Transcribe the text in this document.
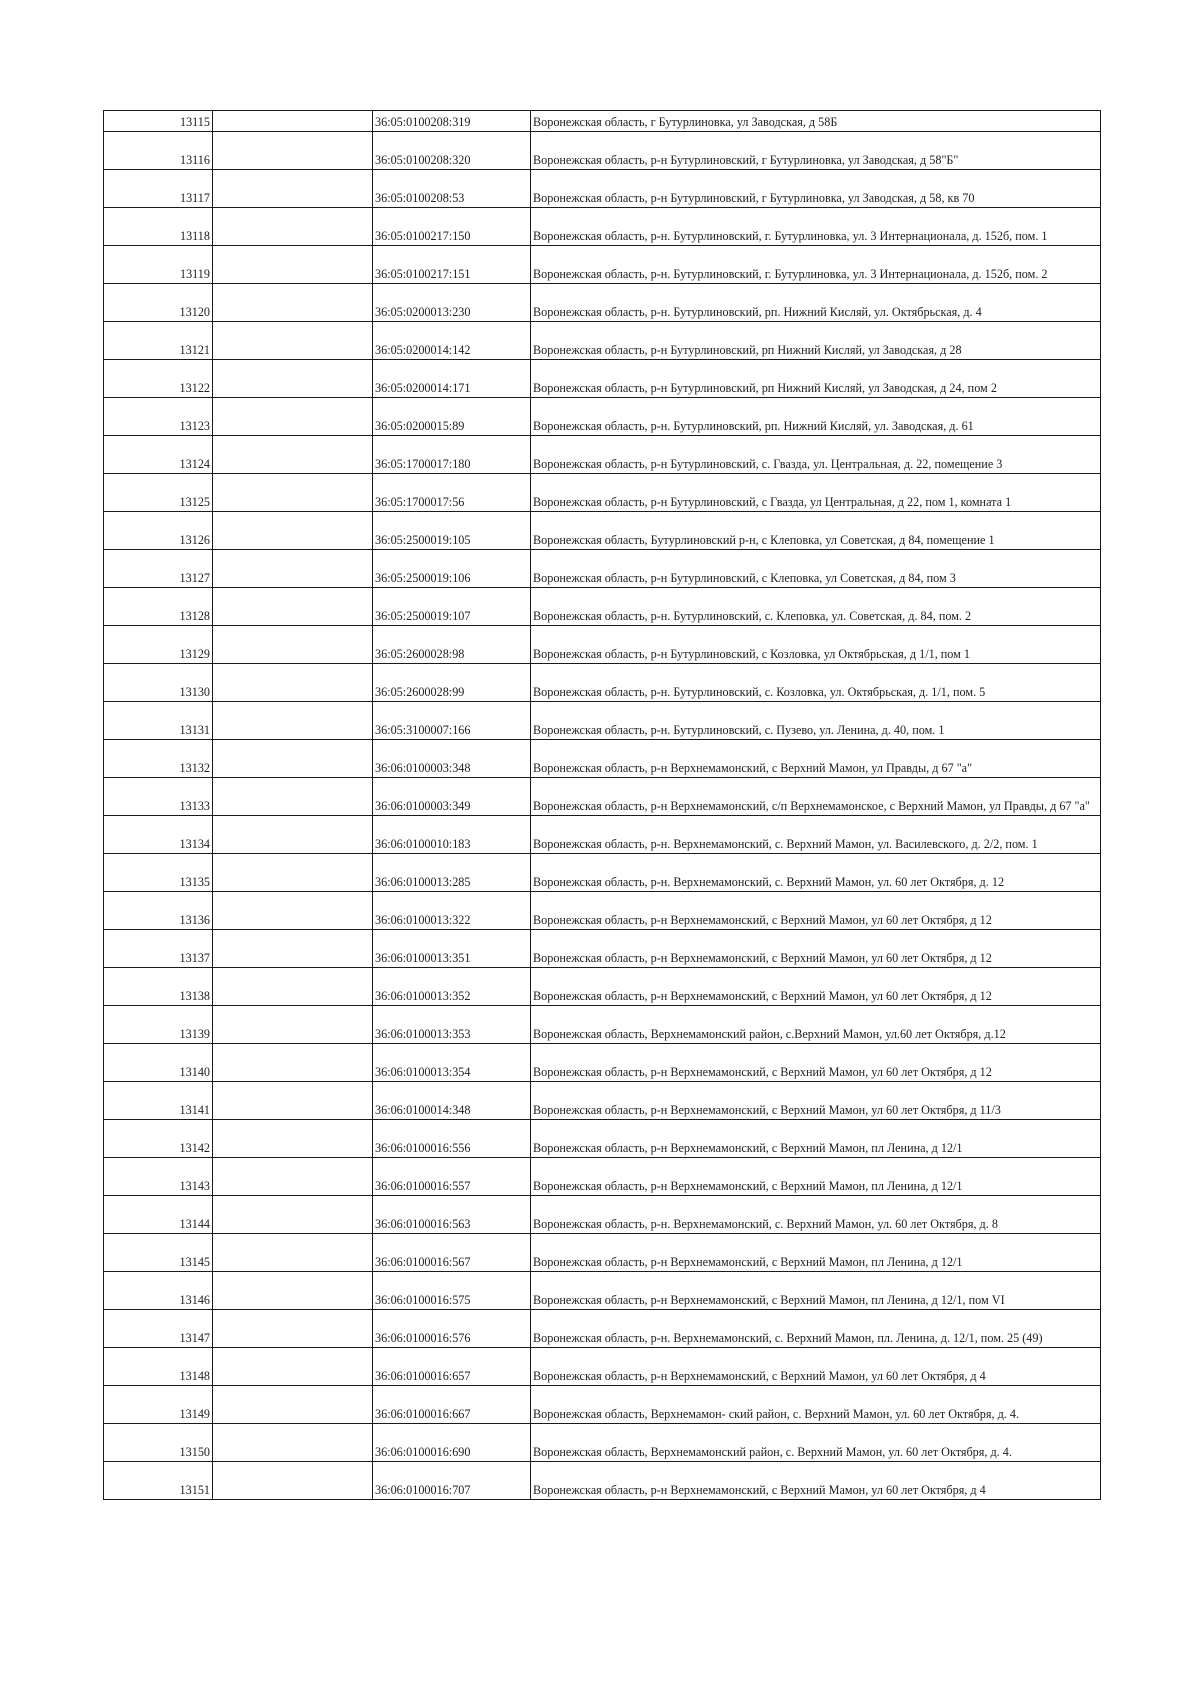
13115		36:05:0100208:319	Воронежская область, г Бутурлиновка, ул Заводская, д 58Б
13116		36:05:0100208:320	Воронежская область, р-н Бутурлиновский, г Бутурлиновка, ул Заводская, д 58"Б"
13117		36:05:0100208:53	Воронежская область, р-н Бутурлиновский, г Бутурлиновка, ул Заводская, д 58, кв 70
13118		36:05:0100217:150	Воронежская область, р-н. Бутурлиновский, г. Бутурлиновка, ул. 3 Интернационала, д. 152б, пом. 1
13119		36:05:0100217:151	Воронежская область, р-н. Бутурлиновский, г. Бутурлиновка, ул. 3 Интернационала, д. 152б, пом. 2
13120		36:05:0200013:230	Воронежская область, р-н. Бутурлиновский, рп. Нижний Кисляй, ул. Октябрьская, д. 4
13121		36:05:0200014:142	Воронежская область, р-н Бутурлиновский, рп Нижний Кисляй, ул Заводская, д 28
13122		36:05:0200014:171	Воронежская область, р-н Бутурлиновский, рп Нижний Кисляй, ул Заводская, д 24, пом 2
13123		36:05:0200015:89	Воронежская область, р-н. Бутурлиновский, рп. Нижний Кисляй, ул. Заводская, д. 61
13124		36:05:1700017:180	Воронежская область, р-н Бутурлиновский, с. Гвазда, ул. Центральная, д. 22, помещение 3
13125		36:05:1700017:56	Воронежская область, р-н Бутурлиновский, с Гвазда, ул Центральная, д 22, пом 1, комната 1
13126		36:05:2500019:105	Воронежская область, Бутурлиновский р-н, с Клеповка, ул Советская, д 84, помещение 1
13127		36:05:2500019:106	Воронежская область, р-н Бутурлиновский, с Клеповка, ул Советская, д 84, пом 3
13128		36:05:2500019:107	Воронежская область, р-н. Бутурлиновский, с. Клеповка, ул. Советская, д. 84, пом. 2
13129		36:05:2600028:98	Воронежская область, р-н Бутурлиновский, с Козловка, ул Октябрьская, д 1/1, пом 1
13130		36:05:2600028:99	Воронежская область, р-н. Бутурлиновский, с. Козловка, ул. Октябрьская, д. 1/1, пом. 5
13131		36:05:3100007:166	Воронежская область, р-н. Бутурлиновский, с. Пузево, ул. Ленина, д. 40, пом. 1
13132		36:06:0100003:348	Воронежская область, р-н Верхнемамонский, с Верхний Мамон, ул Правды, д 67 "а"
13133		36:06:0100003:349	Воронежская область, р-н Верхнемамонский, с/п Верхнемамонское, с Верхний Мамон, ул Правды, д 67 "а"
13134		36:06:0100010:183	Воронежская область, р-н. Верхнемамонский, с. Верхний Мамон, ул. Василевского, д. 2/2, пом. 1
13135		36:06:0100013:285	Воронежская область, р-н. Верхнемамонский, с. Верхний Мамон, ул. 60 лет Октября, д. 12
13136		36:06:0100013:322	Воронежская область, р-н Верхнемамонский, с Верхний Мамон, ул 60 лет Октября, д 12
13137		36:06:0100013:351	Воронежская область, р-н Верхнемамонский, с Верхний Мамон, ул 60 лет Октября, д 12
13138		36:06:0100013:352	Воронежская область, р-н Верхнемамонский, с Верхний Мамон, ул 60 лет Октября, д 12
13139		36:06:0100013:353	Воронежская область, Верхнемамонский район, с.Верхний Мамон, ул.60 лет Октября, д.12
13140		36:06:0100013:354	Воронежская область, р-н Верхнемамонский, с Верхний Мамон, ул 60 лет Октября, д 12
13141		36:06:0100014:348	Воронежская область, р-н Верхнемамонский, с Верхний Мамон, ул 60 лет Октября, д 11/3
13142		36:06:0100016:556	Воронежская область, р-н Верхнемамонский, с Верхний Мамон, пл Ленина, д 12/1
13143		36:06:0100016:557	Воронежская область, р-н Верхнемамонский, с Верхний Мамон, пл Ленина, д 12/1
13144		36:06:0100016:563	Воронежская область, р-н. Верхнемамонский, с. Верхний Мамон, ул. 60 лет Октября, д. 8
13145		36:06:0100016:567	Воронежская область, р-н Верхнемамонский, с Верхний Мамон, пл Ленина, д 12/1
13146		36:06:0100016:575	Воронежская область, р-н Верхнемамонский, с Верхний Мамон, пл Ленина, д 12/1, пом VI
13147		36:06:0100016:576	Воронежская область, р-н. Верхнемамонский, с. Верхний Мамон, пл. Ленина, д. 12/1, пом. 25 (49)
13148		36:06:0100016:657	Воронежская область, р-н Верхнемамонский, с Верхний Мамон, ул 60 лет Октября, д 4
13149		36:06:0100016:667	Воронежская область, Верхнемамон- ский район, с. Верхний Мамон, ул. 60 лет Октября, д. 4.
13150		36:06:0100016:690	Воронежская область, Верхнемамонский район, с. Верхний Мамон, ул. 60 лет Октября, д. 4.
13151		36:06:0100016:707	Воронежская область, р-н Верхнемамонский, с Верхний Мамон, ул 60 лет Октября, д 4
